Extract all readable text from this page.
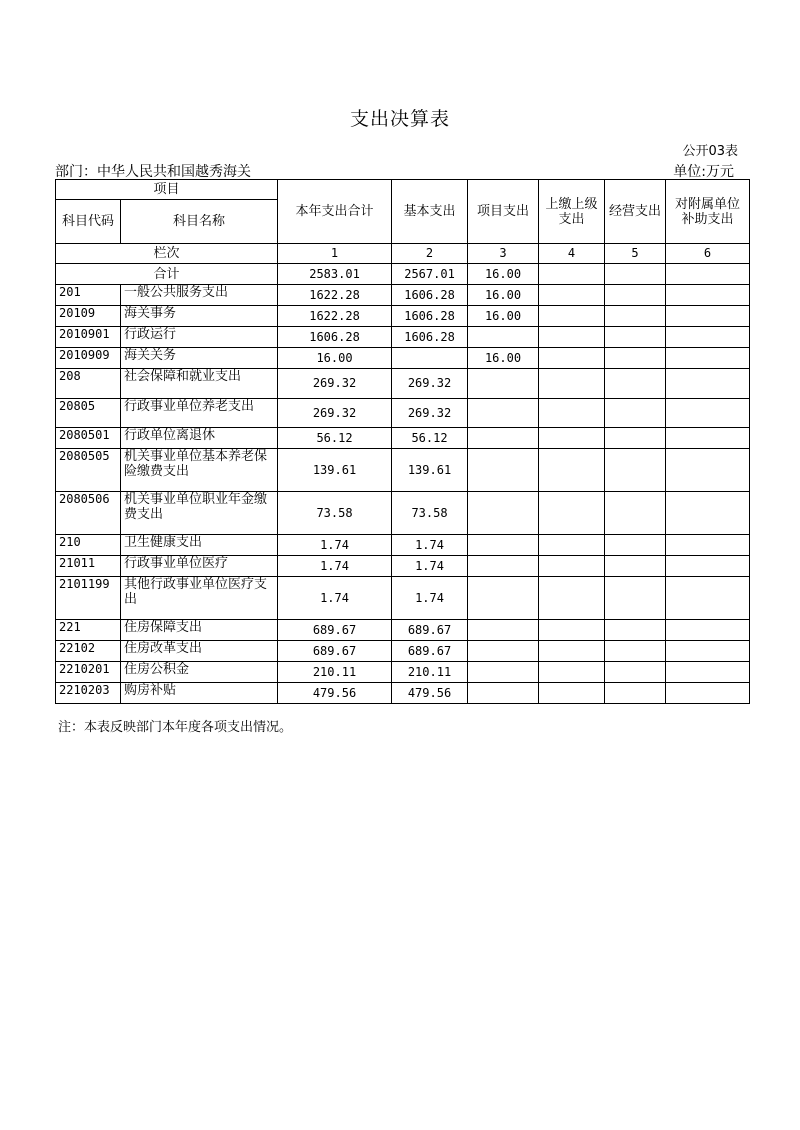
支出决算表
公开03表
部门：中华人民共和国越秀海关	单位:万元
项目		本年支出合计	基本支出	项目支出	上缴上级支出	经营支出	对附属单位补助支出
科目代码	科目名称						
栏次		1	2	3	4	5	6
合计		2583.01	2567.01	16.00			
201	一般公共服务支出	1622.28	1606.28	16.00			
20109	海关事务	1622.28	1606.28	16.00			
2010901	行政运行	1606.28	1606.28				
2010909	海关关务	16.00		16.00			
208	社会保障和就业支出	269.32	269.32				
20805	行政事业单位养老支出	269.32	269.32				
2080501	行政单位离退休	56.12	56.12				
2080505	机关事业单位基本养老保险缴费支出	139.61	139.61				
2080506	机关事业单位职业年金缴费支出	73.58	73.58				
210	卫生健康支出	1.74	1.74				
21011	行政事业单位医疗	1.74	1.74				
2101199	其他行政事业单位医疗支出	1.74	1.74				
221	住房保障支出	689.67	689.67				
22102	住房改革支出	689.67	689.67				
2210201	住房公积金	210.11	210.11				
2210203	购房补贴	479.56	479.56				
注：本表反映部门本年度各项支出情况。
